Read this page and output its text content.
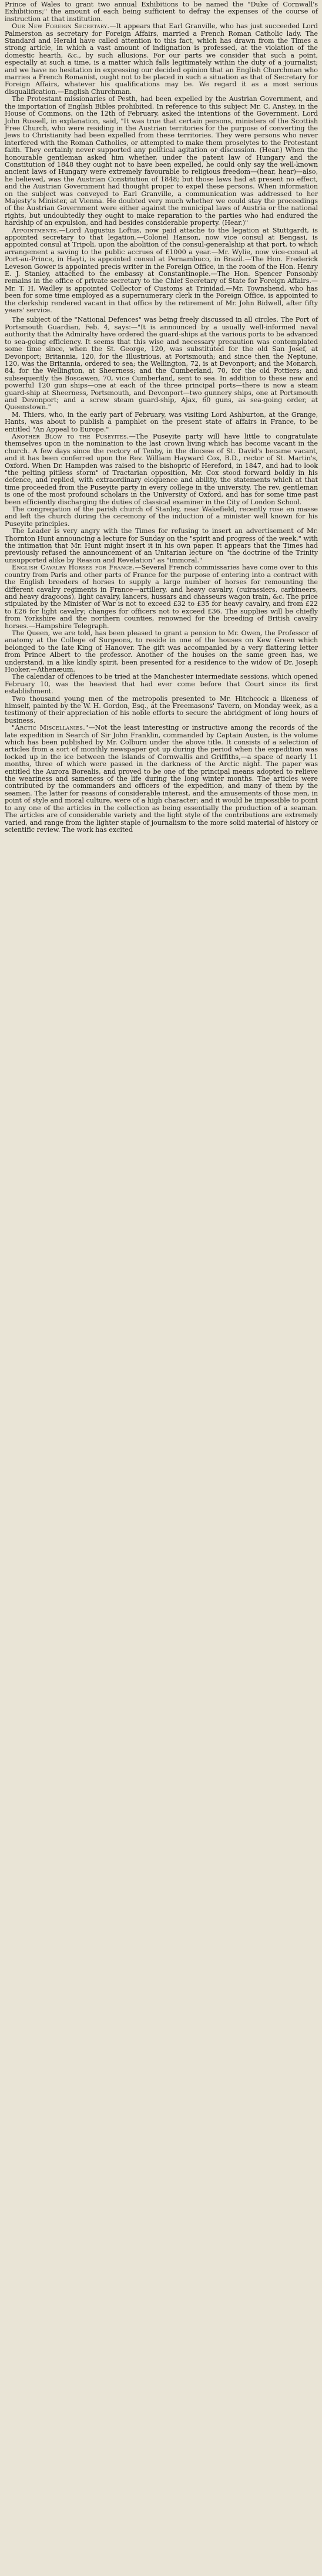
Prince of Wales to grant two annual Exhibitions to be named the "Duke of Cornwall's Exhibitions;" the amount of each being sufficient to defray the expenses of the course of instruction at that institution.

Our New Foreign Secretary.—It appears that Earl Granville, who has just succeeded Lord Palmerston as secretary for Foreign Affairs, married a French Roman Catholic lady. The Standard and Herald have called attention to this fact, which has drawn from the Times a strong article, in which a vast amount of indignation is professed, at the violation of the domestic hearth, &c., by such allusions. For our parts we consider that such a point, especially at such a time, is a matter which falls legitimately within the duty of a journalist; and we have no hesitation in expressing our decided opinion that an English Churchman who marries a French Romanist, ought not to be placed in such a situation as that of Secretary for Foreign Affairs, whatever his qualifications may be. We regard it as a most serious disqualification.—English Churchman.

The Protestant missionaries of Pesth, had been expelled by the Austrian Government, and the importation of English Bibles prohibited. In reference to this subject Mr. C. Anstey, in the House of Commons, on the 12th of February, asked the intentions of the Government. Lord John Russell, in explanation, said, "It was true that certain persons, ministers of the Scottish Free Church, who were residing in the Austrian territories for the purpose of converting the Jews to Christianity had been expelled from these territories. They were persons who never interfered with the Roman Catholics, or attempted to make them proselytes to the Protestant faith. They certainly never supported any political agitation or discussion. (Hear.) When the honourable gentleman asked him whether, under the patent law of Hungary and the Constitution of 1848 they ought not to have been expelled, he could only say the well-known ancient laws of Hungary were extremely favourable to religious freedom—(hear, hear)—also, he believed, was the Austrian Constitution of 1848; but those laws had at present no effect, and the Austrian Government had thought proper to expel these persons. When information on the subject was conveyed to Earl Granville, a communication was addressed to her Majesty's Minister, at Vienna. He doubted very much whether we could stay the proceedings of the Austrian Government were either against the municipal laws of Austria or the national rights, but undoubtedly they ought to make reparation to the parties who had endured the hardship of an expulsion, and had besides considerable property. (Hear.)"

Appointments.—Lord Augustus Loftus, now paid attache to the legation at Stuttgardt, is appointed secretary to that legation.—Colonel Hanson, now vice consul at Bengasi, is appointed consul at Tripoli, upon the abolition of the consul-generalship at that port, to which arrangement a saving to the public accrues of £1000 a year.—Mr. Wylie, now vice-consul at Port-au-Prince, in Hayti, is appointed consul at Pernambuco, in Brazil.—The Hon. Frederick Leveson Gower is appointed precis writer in the Foreign Office, in the room of the Hon. Henry E. J. Stanley, attached to the embassy at Constantinople.—The Hon. Spencer Ponsonby remains in the office of private secretary to the Chief Secretary of State for Foreign Affairs.—Mr. T. H. Wadley is appointed Collector of Customs at Trinidad.—Mr. Townshend, who has been for some time employed as a supernumerary clerk in the Foreign Office, is appointed to the clerkship rendered vacant in that office by the retirement of Mr. John Bidwell, after fifty years' service.

The subject of the "National Defences" was being freely discussed in all circles. The Port of Portsmouth Guardian, Feb. 4, says:—"It is announced by a usually well-informed naval authority that the Admiralty have ordered the guard-ships at the various ports to be advanced to sea-going efficiency. It seems that this wise and necessary precaution was contemplated some time since, when the St. George, 120, was substituted for the old San Josef, at Devonport; Britannia, 120, for the Illustrious, at Portsmouth; and since then the Neptune, 120, was the Britannia, ordered to sea; the Wellington, 72, is at Devonport; and the Monarch, 84, for the Wellington, at Sheerness; and the Cumberland, 70, for the old Pottiers; and subsequently the Boscawen, 70, vice Cumberland, sent to sea. In addition to these new and powerful 120 gun ships—one at each of the three principal ports—there is now a steam guard-ship at Sheerness, Portsmouth, and Devonport—two gunnery ships, one at Portsmouth and Devonport; and a screw steam guard-ship, Ajax, 60 guns, as sea-going order, at Queenstown."

M. Thiers, who, in the early part of February, was visiting Lord Ashburton, at the Grange, Hants, was about to publish a pamphlet on the present state of affairs in France, to be entitled "An Appeal to Europe."

Another Blow to the Puseyites.—The Puseyite party will have little to congratulate themselves upon in the nomination to the last crown living which has become vacant in the church. A few days since the rectory of Tenby, in the diocese of St. David's became vacant, and it has been conferred upon the Rev. William Hayward Cox, B.D., rector of St. Martin's, Oxford. When Dr. Hampden was raised to the bishopric of Hereford, in 1847, and had to look "the pelting pitiless storm" of Tractarian opposition, Mr. Cox stood forward boldly in his defence, and replied, with extraordinary eloquence and ability, the statements which at that time proceeded from the Puseyite party in every college in the university. The rev. gentleman is one of the most profound scholars in the University of Oxford, and has for some time past been efficiently discharging the duties of classical examiner in the City of London School.

The congregation of the parish church of Stanley, near Wakefield, recently rose en masse and left the church during the ceremony of the induction of a minister well known for his Puseyite principles.

The Leader is very angry with the Times for refusing to insert an advertisement of Mr. Thornton Hunt announcing a lecture for Sunday on the "spirit and progress of the week," with the intimation that Mr. Hunt might insert it in his own paper. It appears that the Times had previously refused the announcement of an Unitarian lecture on "the doctrine of the Trinity unsupported alike by Reason and Revelation" as "immoral."

English Cavalry Horses for France.—Several French commissaries have come over to this country from Paris and other parts of France for the purpose of entering into a contract with the English breeders of horses to supply a large number of horses for remounting the different cavalry regiments in France—artillery, and heavy cavalry, (cuirassiers, carbineers, and heavy dragoons), light cavalry, lancers, hussars and chasseurs wagon train, &c. The price stipulated by the Minister of War is not to exceed £32 to £35 for heavy cavalry, and from £22 to £26 for light cavalry; changes for officers not to exceed £36. The supplies will be chiefly from Yorkshire and the northern counties, renowned for the breeding of British cavalry horses.—Hampshire Telegraph.

The Queen, we are told, has been pleased to grant a pension to Mr. Owen, the Professor of anatomy at the College of Surgeons, to reside in one of the houses on Kew Green which belonged to the late King of Hanover. The gift was accompanied by a very flattering letter from Prince Albert to the professor. Another of the houses on the same green has, we understand, in a like kindly spirit, been presented for a residence to the widow of Dr. Joseph Hooker.—Athenæum.

The calendar of offences to be tried at the Manchester intermediate sessions, which opened February 10, was the heaviest that had ever come before that Court since its first establishment.

Two thousand young men of the metropolis presented to Mr. Hitchcock a likeness of himself, painted by the W. H. Gordon, Esq., at the Freemasons' Tavern, on Monday week, as a testimony of their appreciation of his noble efforts to secure the abridgment of long hours of business.

"Arctic Miscellanies."—Not the least interesting or instructive among the records of the late expedition in Search of Sir John Franklin, commanded by Captain Austen, is the volume which has been published by Mr. Colburn under the above title. It consists of a selection of articles from a sort of monthly newspaper got up during the period when the expedition was locked up in the ice between the islands of Cornwallis and Griffiths,—a space of nearly 11 months, three of which were passed in the darkness of the Arctic night. The paper was entitled the Aurora Borealis, and proved to be one of the principal means adopted to relieve the weariness and sameness of the life during the long winter months. The articles were contributed by the commanders and officers of the expedition, and many of them by the seamen. The latter for reasons of considerable interest, and the amusements of those men, in point of style and moral culture, were of a high character; and it would be impossible to point to any one of the articles in the collection as being essentially the production of a seaman. The articles are of considerable variety and the light style of the contributions are extremely varied, and range from the lighter staple of journalism to the more solid material of history or scientific review. The work has excited
